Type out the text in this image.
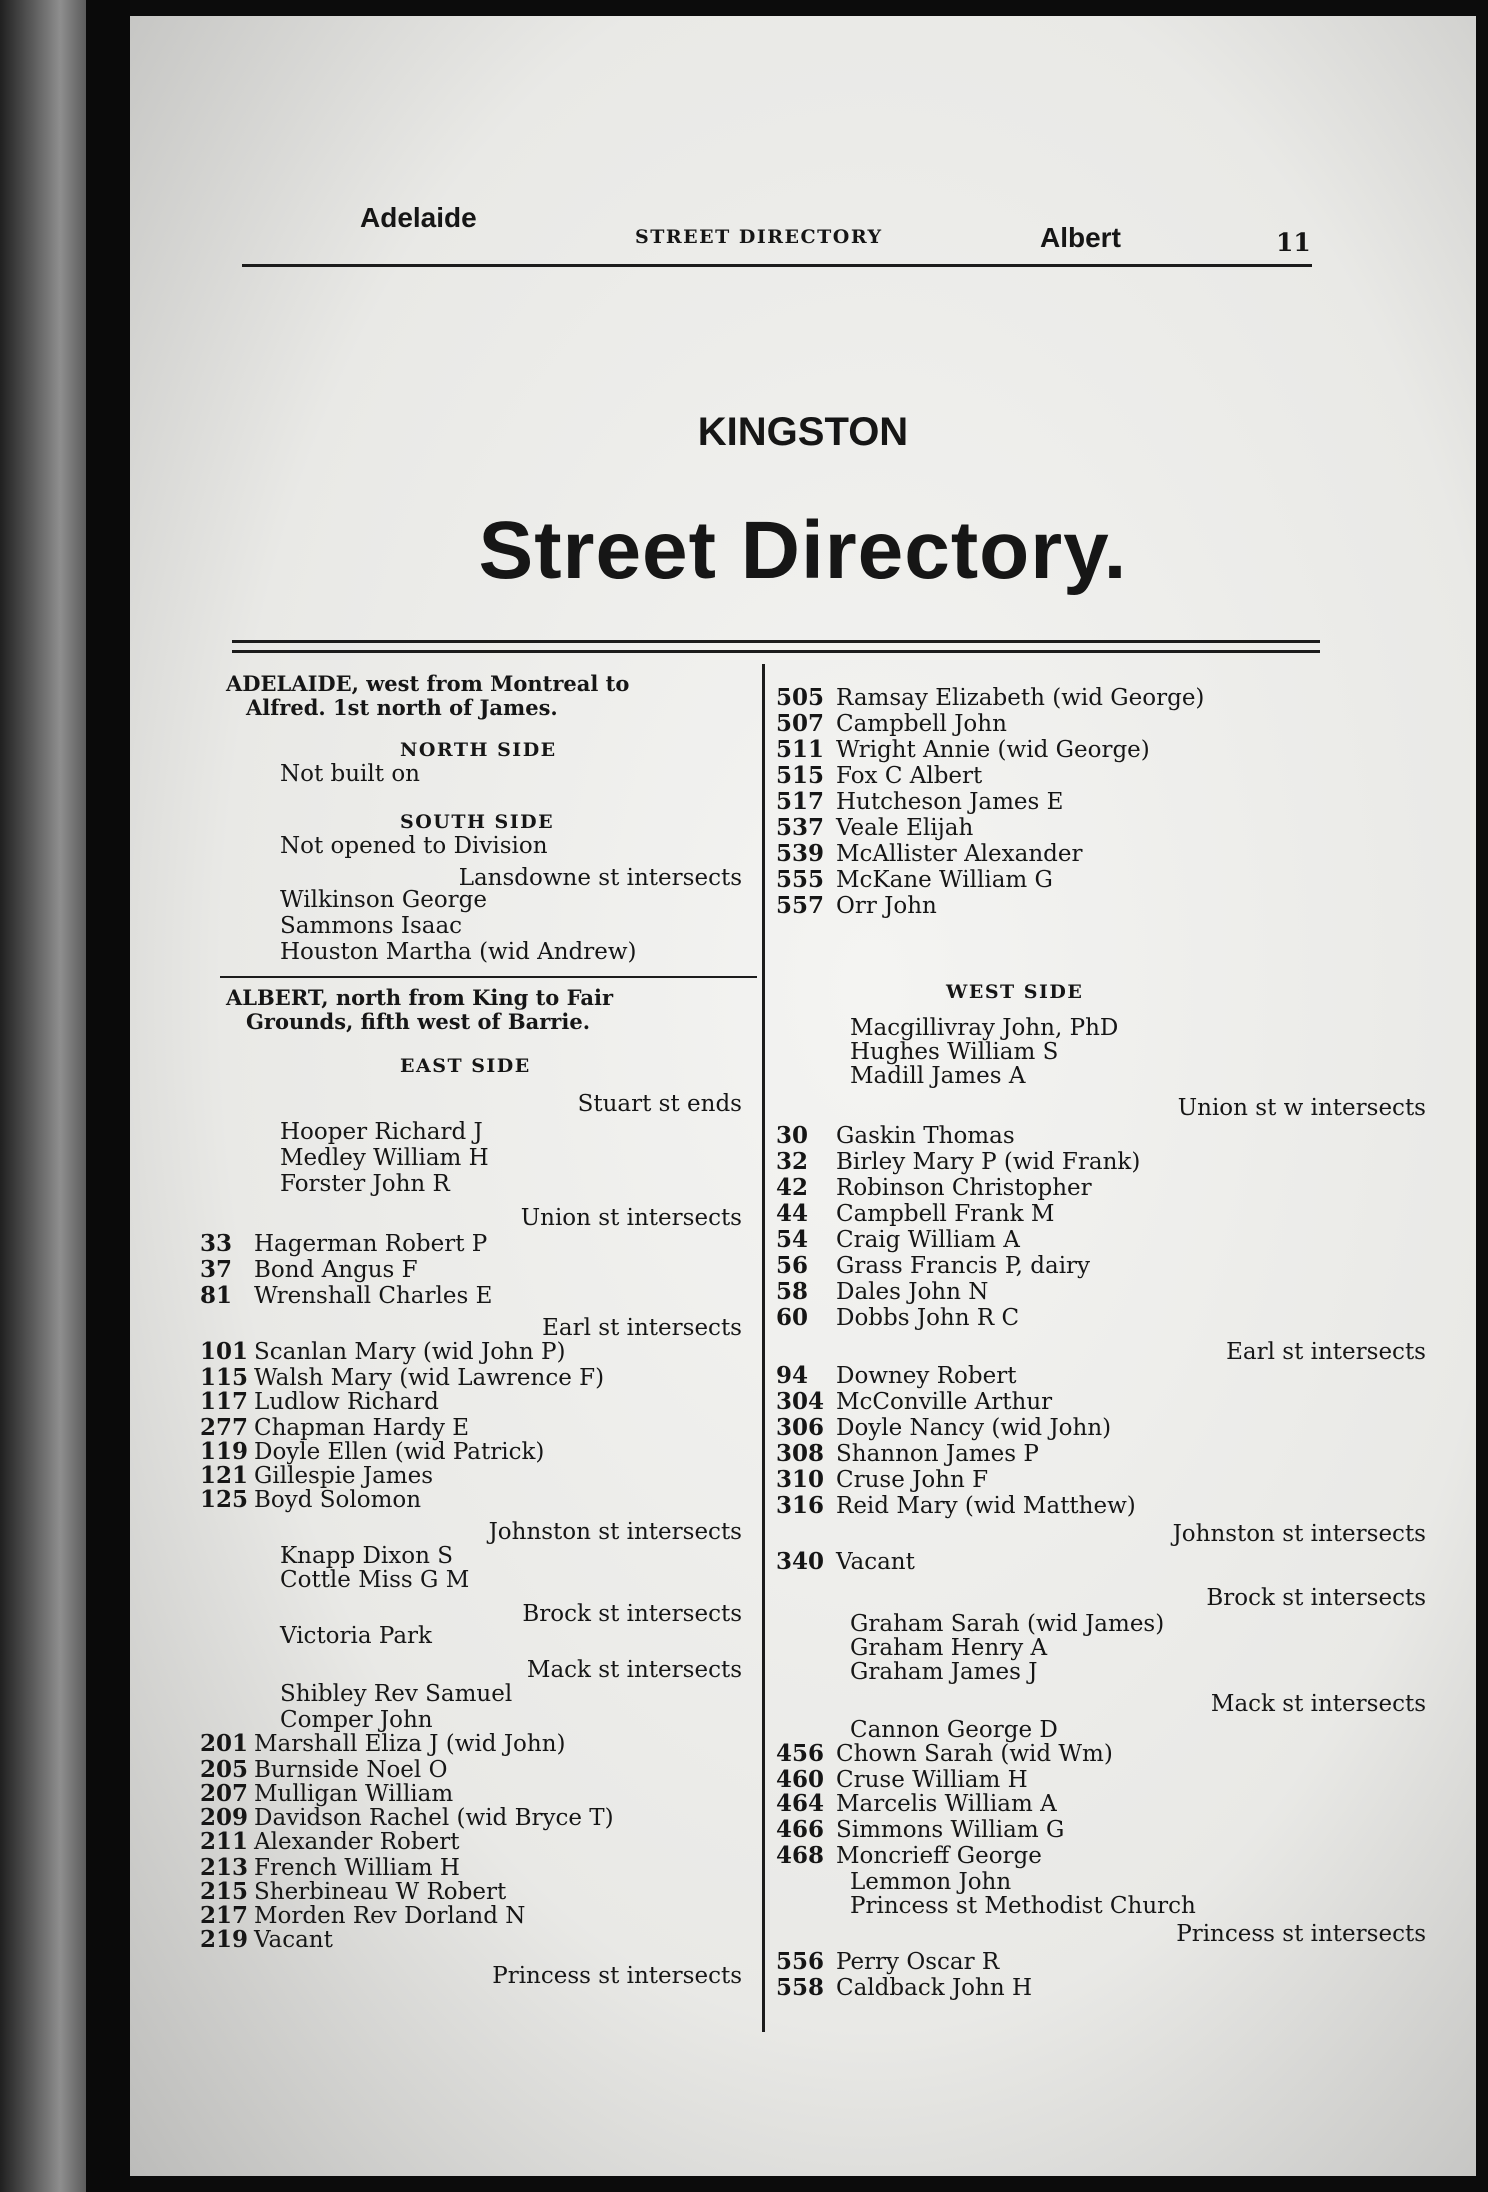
Adelaide
STREET DIRECTORY	Albert	11
KINGSTON
Street Directory.
ADELAIDE, west from Montreal to
Alfred. 1st north of James.
NORTH SIDE
Not built on
SOUTH SIDE
Not opened to Division
Lansdowne st intersects
Wilkinson George
Sammons Isaac
Houston Martha (wid Andrew)
ALBERT, north from King to Fair
Grounds, fifth west of Barrie.
EAST SIDE
Stuart st ends
Hooper Richard J
Medley William H
Forster John R
Union st intersects
33 Hagerman Robert P
37 Bond Angus F
81 Wrenshall Charles E
Earl st intersects
101 Scanlan Mary (wid John P)
115 Walsh Mary (wid Lawrence F)
117 Ludlow Richard
277 Chapman Hardy E
119 Doyle Ellen (wid Patrick)
121 Gillespie James
125 Boyd Solomon
Johnston st intersects
Knapp Dixon S
Cottle Miss G M
Brock st intersects
Victoria Park
Mack st intersects
Shibley Rev Samuel
Comper John
201 Marshall Eliza J (wid John)
205 Burnside Noel O
207 Mulligan William
209 Davidson Rachel (wid Bryce T)
211 Alexander Robert
213 French William H
215 Sherbineau W Robert
217 Morden Rev Dorland N
219 Vacant
Princess st intersects
505 Ramsay Elizabeth (wid George)
507 Campbell John
511 Wright Annie (wid George)
515 Fox C Albert
517 Hutcheson James E
537 Veale Elijah
539 McAllister Alexander
555 McKane William G
557 Orr John
WEST SIDE
Macgillivray John, PhD
Hughes William S
Madill James A
Union st w intersects
30 Gaskin Thomas
32 Birley Mary P (wid Frank)
42 Robinson Christopher
44 Campbell Frank M
54 Craig William A
56 Grass Francis P, dairy
58 Dales John N
60 Dobbs John R C
Earl st intersects
94 Downey Robert
304 McConville Arthur
306 Doyle Nancy (wid John)
308 Shannon James P
310 Cruse John F
316 Reid Mary (wid Matthew)
Johnston st intersects
340 Vacant
Brock st intersects
Graham Sarah (wid James)
Graham Henry A
Graham James J
Mack st intersects
Cannon George D
456 Chown Sarah (wid Wm)
460 Cruse William H
464 Marcelis William A
466 Simmons William G
468 Moncrieff George
Lemmon John
Princess st Methodist Church
Princess st intersects
556 Perry Oscar R
558 Caldback John H
